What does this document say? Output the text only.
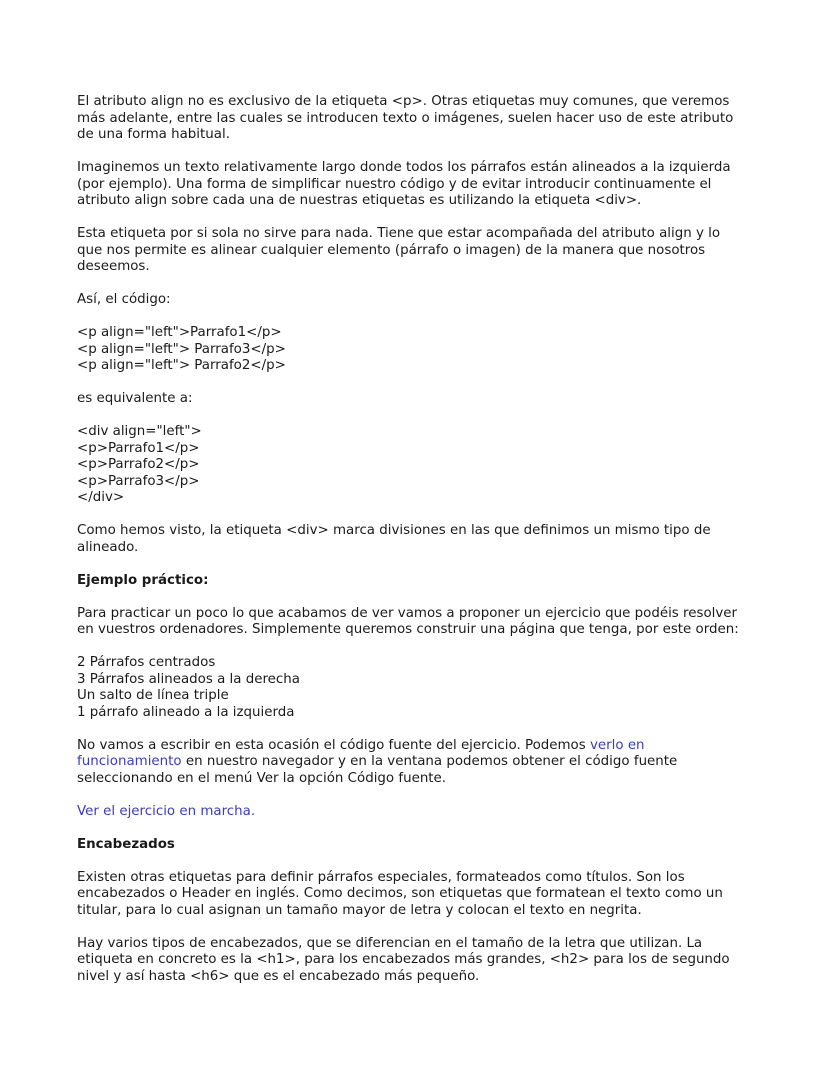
El atributo align no es exclusivo de la etiqueta <p>. Otras etiquetas muy comunes, que veremos
más adelante, entre las cuales se introducen texto o imágenes, suelen hacer uso de este atributo
de una forma habitual.
Imaginemos un texto relativamente largo donde todos los párrafos están alineados a la izquierda
(por ejemplo). Una forma de simplificar nuestro código y de evitar introducir continuamente el
atributo align sobre cada una de nuestras etiquetas es utilizando la etiqueta <div>.
Esta etiqueta por si sola no sirve para nada. Tiene que estar acompañada del atributo align y lo
que nos permite es alinear cualquier elemento (párrafo o imagen) de la manera que nosotros
deseemos.
Así, el código:
<p align="left">Parrafo1</p>
<p align="left"> Parrafo3</p>
<p align="left"> Parrafo2</p>
es equivalente a:
<div align="left">
<p>Parrafo1</p>
<p>Parrafo2</p>
<p>Parrafo3</p>
</div>
Como hemos visto, la etiqueta <div> marca divisiones en las que definimos un mismo tipo de
alineado.
Ejemplo práctico:
Para practicar un poco lo que acabamos de ver vamos a proponer un ejercicio que podéis resolver
en vuestros ordenadores. Simplemente queremos construir una página que tenga, por este orden:
2 Párrafos centrados
3 Párrafos alineados a la derecha
Un salto de línea triple
1 párrafo alineado a la izquierda
No vamos a escribir en esta ocasión el código fuente del ejercicio. Podemos verlo en
funcionamiento en nuestro navegador y en la ventana podemos obtener el código fuente
seleccionando en el menú Ver la opción Código fuente.
Ver el ejercicio en marcha.
Encabezados
Existen otras etiquetas para definir párrafos especiales, formateados como títulos. Son los
encabezados o Header en inglés. Como decimos, son etiquetas que formatean el texto como un
titular, para lo cual asignan un tamaño mayor de letra y colocan el texto en negrita.
Hay varios tipos de encabezados, que se diferencian en el tamaño de la letra que utilizan. La
etiqueta en concreto es la <h1>, para los encabezados más grandes, <h2> para los de segundo
nivel y así hasta <h6> que es el encabezado más pequeño.
